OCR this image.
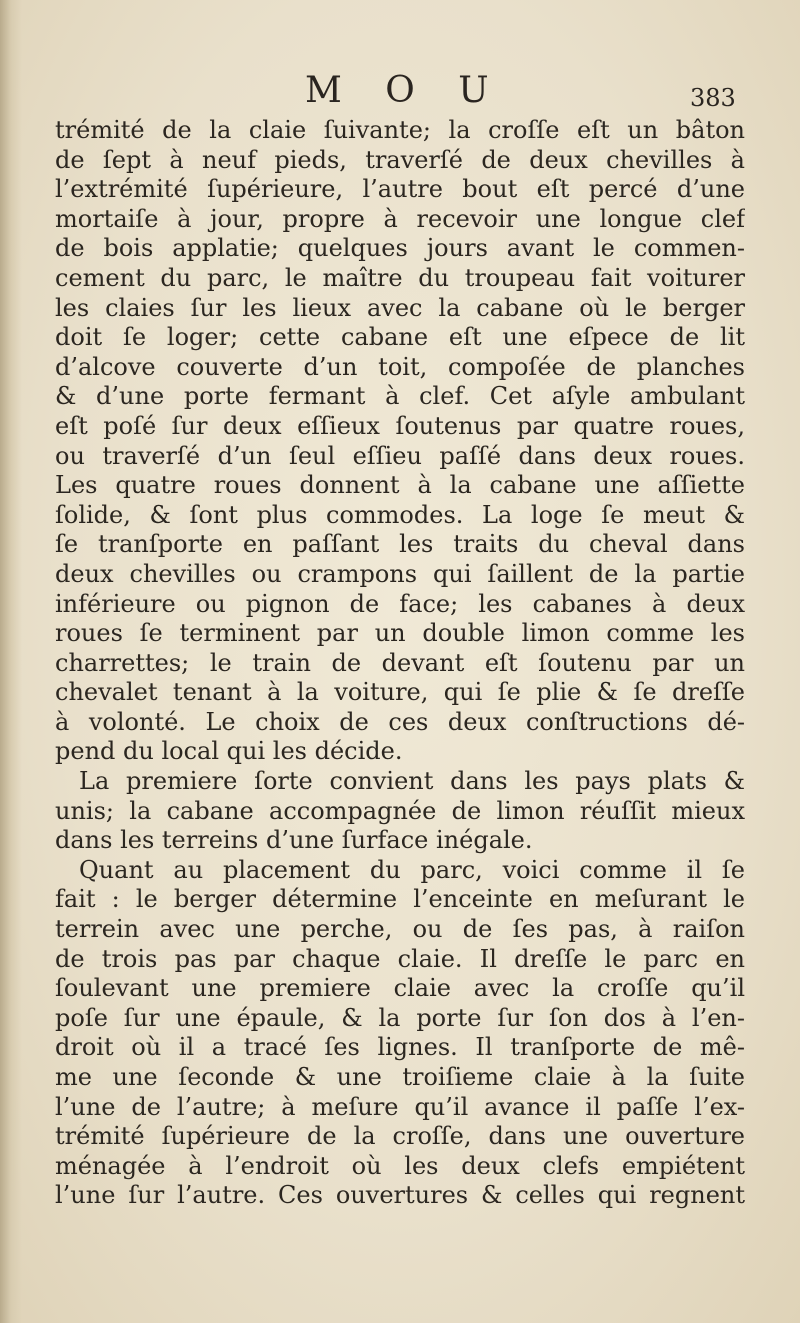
M O U	383
trémité de la claie ſuivante; la croſſe eſt un bâton
de ſept à neuf pieds, traverſé de deux chevilles à
l’extrémité ſupérieure, l’autre bout eſt percé d’une
mortaiſe à jour, propre à recevoir une longue clef
de bois applatie; quelques jours avant le commen-
cement du parc, le maître du troupeau fait voiturer
les claies ſur les lieux avec la cabane où le berger
doit ſe loger; cette cabane eſt une eſpece de lit
d’alcove couverte d’un toit, compoſée de planches
& d’une porte fermant à clef. Cet aſyle ambulant
eſt poſé ſur deux eſſieux ſoutenus par quatre roues,
ou traverſé d’un ſeul eſſieu paſſé dans deux roues.
Les quatre roues donnent à la cabane une aſſiette
ſolide, & ſont plus commodes. La loge ſe meut &
ſe tranſporte en paſſant les traits du cheval dans
deux chevilles ou crampons qui ſaillent de la partie
inférieure ou pignon de face; les cabanes à deux
roues ſe terminent par un double limon comme les
charrettes; le train de devant eſt ſoutenu par un
chevalet tenant à la voiture, qui ſe plie & ſe dreſſe
à volonté. Le choix de ces deux conſtructions dé-
pend du local qui les décide.
La premiere ſorte convient dans les pays plats &
unis; la cabane accompagnée de limon réuſſit mieux
dans les terreins d’une ſurface inégale.
Quant au placement du parc, voici comme il ſe
fait : le berger détermine l’enceinte en meſurant le
terrein avec une perche, ou de ſes pas, à raiſon
de trois pas par chaque claie. Il dreſſe le parc en
ſoulevant une premiere claie avec la croſſe qu’il
poſe ſur une épaule, & la porte ſur ſon dos à l’en-
droit où il a tracé ſes lignes. Il tranſporte de mê-
me une ſeconde & une troiſieme claie à la ſuite
l’une de l’autre; à meſure qu’il avance il paſſe l’ex-
trémité ſupérieure de la croſſe, dans une ouverture
ménagée à l’endroit où les deux clefs empiétent
l’une ſur l’autre. Ces ouvertures & celles qui regnent
